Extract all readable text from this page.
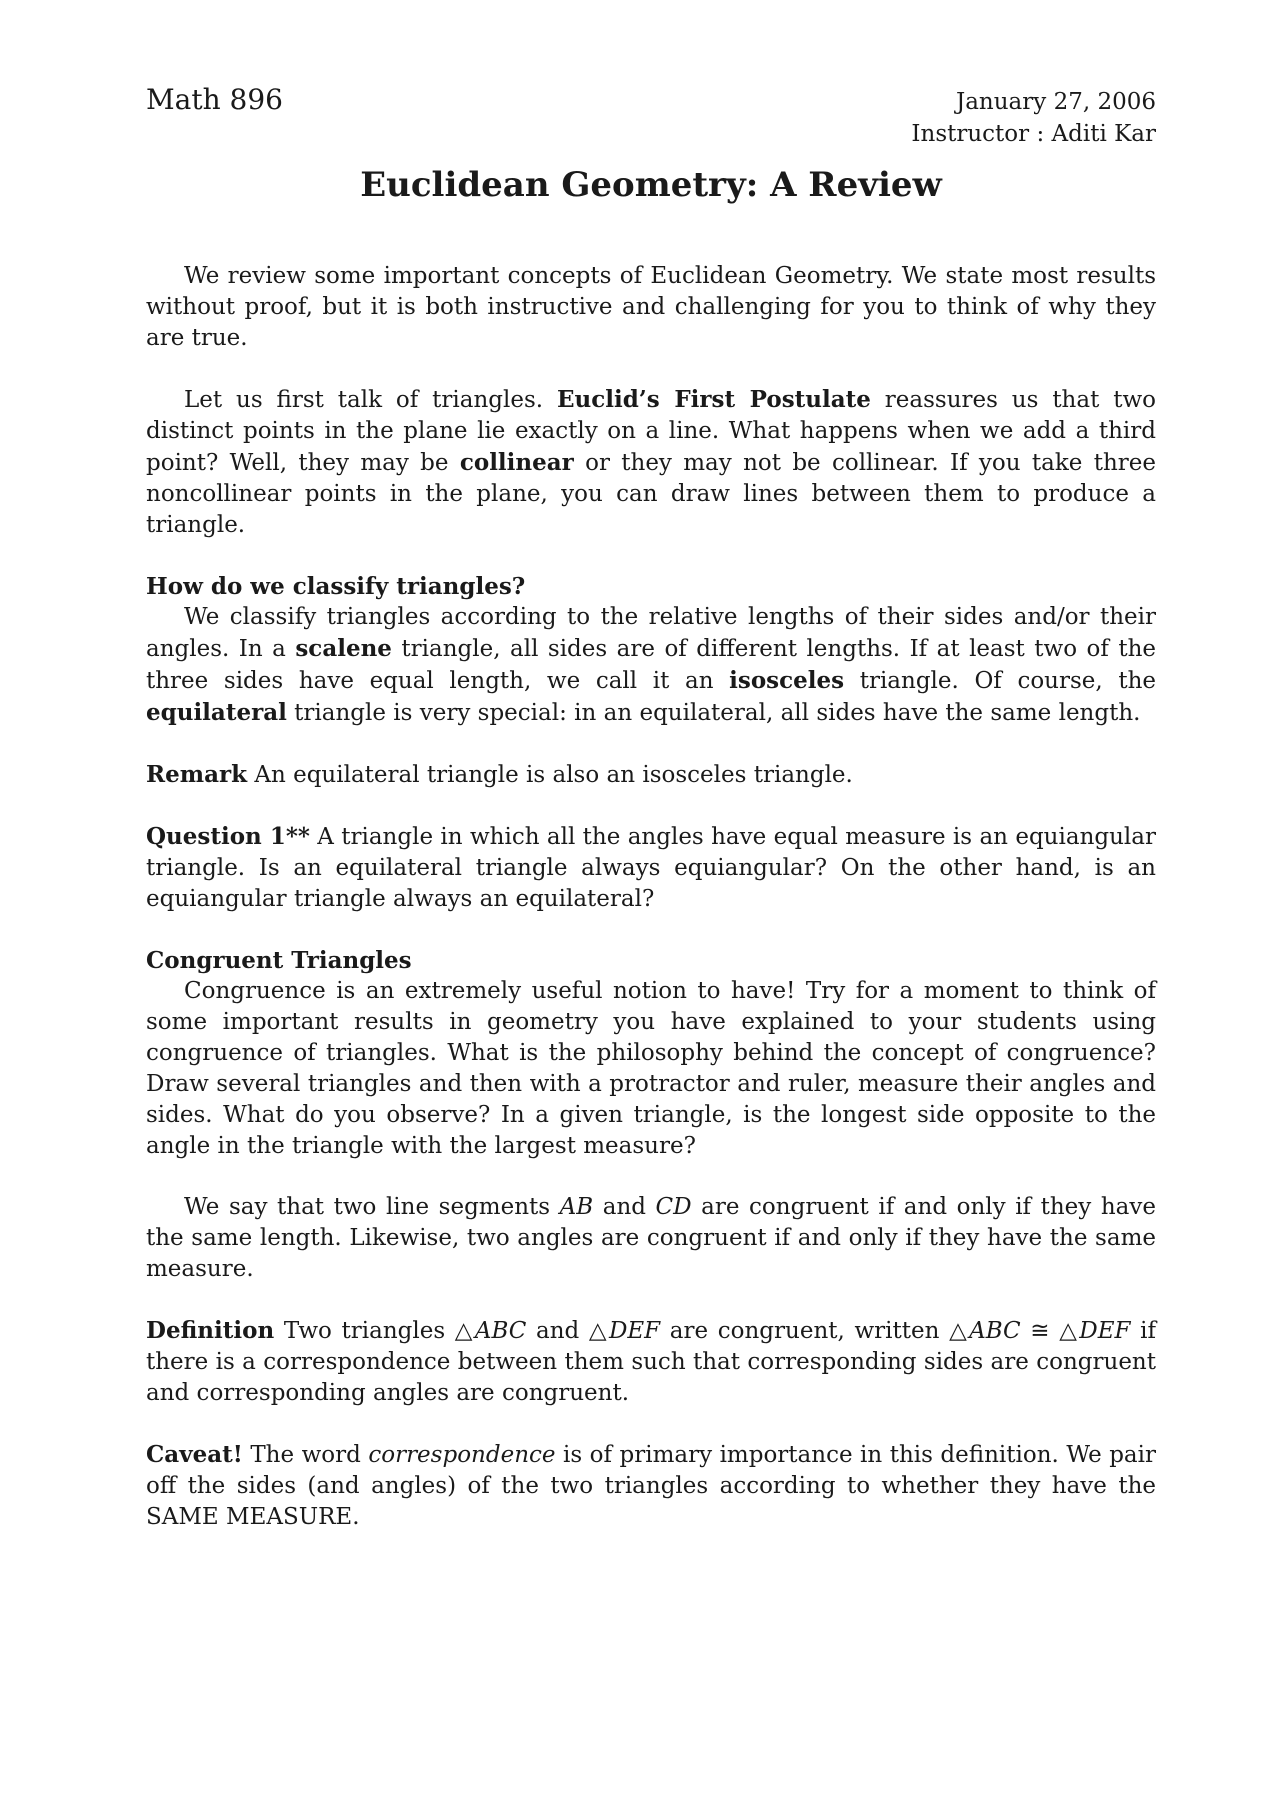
Math 896	January 27, 2006
Instructor : Aditi Kar
Euclidean Geometry: A Review

We review some important concepts of Euclidean Geometry. We state most results without proof, but it is both instructive and challenging for you to think of why they are true.

Let us first talk of triangles. Euclid’s First Postulate reassures us that two distinct points in the plane lie exactly on a line. What happens when we add a third point? Well, they may be collinear or they may not be collinear. If you take three noncollinear points in the plane, you can draw lines between them to produce a triangle.

How do we classify triangles?

We classify triangles according to the relative lengths of their sides and/or their angles. In a scalene triangle, all sides are of different lengths. If at least two of the three sides have equal length, we call it an isosceles triangle. Of course, the equilateral triangle is very special: in an equilateral, all sides have the same length.

Remark An equilateral triangle is also an isosceles triangle.

Question 1** A triangle in which all the angles have equal measure is an equiangular triangle. Is an equilateral triangle always equiangular? On the other hand, is an equiangular triangle always an equilateral?

Congruent Triangles

Congruence is an extremely useful notion to have! Try for a moment to think of some important results in geometry you have explained to your students using congruence of triangles. What is the philosophy behind the concept of congruence? Draw several triangles and then with a protractor and ruler, measure their angles and sides. What do you observe? In a given triangle, is the longest side opposite to the angle in the triangle with the largest measure?

We say that two line segments AB and CD are congruent if and only if they have the same length. Likewise, two angles are congruent if and only if they have the same measure.

Definition Two triangles △ABC and △DEF are congruent, written △ABC ≅ △DEF if there is a correspondence between them such that corresponding sides are congruent and corresponding angles are congruent.

Caveat! The word correspondence is of primary importance in this definition. We pair off the sides (and angles) of the two triangles according to whether they have the SAME MEASURE.
